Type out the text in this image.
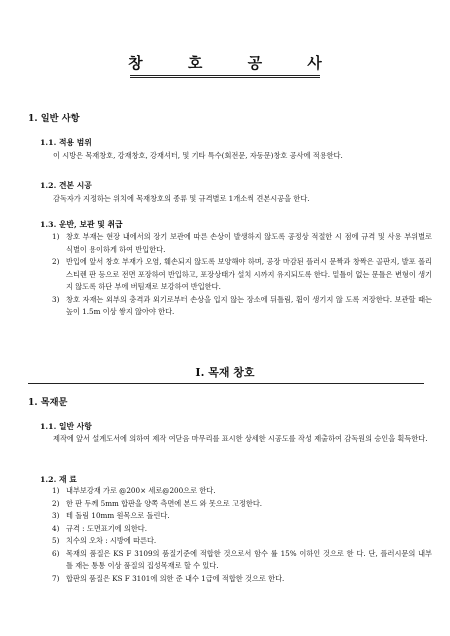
창 호 공 사
1. 일반 사항
1.1. 적용 범위
이 시방은 목재창호, 강재창호, 강재셔터, 및 기타 특수(회전문, 자동문)창호 공사에 적용한다.
1.2. 견본 시공
감독자가 지정하는 위치에 목재창호의 종류 및 규격별로 1개소씩 견본시공을 한다.
1.3. 운반, 보관 및 취급
1) 창호 부재는 현장 내에서의 장기 보관에 따른 손상이 발생하지 않도록 공정상 적절한 시 점에 규격 및 사용 부위별로 식별이 용이하게 하여 반입한다.
2) 반입에 앞서 창호 부재가 오염, 훼손되지 않도록 보양해야 하며, 공장 마감된 플러시 문짝과 창짝은 골판지, 발포 폴리스티렌 판 등으로 전면 포장하여 반입하고, 포장상태가 설치 시까지 유지되도록 한다. 밑틀이 없는 문틀은 변형이 생기지 않도록 하단 부에 버팀재로 보강하여 반입한다.
3) 창호 자재는 외부의 충격과 외기로부터 손상을 입지 않는 장소에 뒤틀림, 휨이 생기지 않 도록 저장한다. 보관할 때는 높이 1.5m 이상 쌓지 않아야 한다.
I. 목재 창호
1. 목재문
1.1. 일반 사항
제작에 앞서 설계도서에 의하여 제작 여닫음 마무리를 표시한 상세한 시공도를 작성 제출하여 감독원의 승인을 획득한다.
1.2. 재 료
1) 내부보강재 가로 @200× 세로@200으로 한다.
2) 한 판 두께 5mm 합판을 양쪽 측면에 본드 와 못으로 고정한다.
3) 테 돌림 10mm 원목으로 돌린다.
4) 규격 : 도면표기에 의한다.
5) 치수의 오차 : 시방에 따른다.
6) 목재의 품질은 KS F 3109의 품질기준에 적합한 것으로서 함수 률 15% 이하인 것으로 한 다. 단, 플러시문의 내부 틀 재는 통통 이상 품질의 집성목재로 할 수 있다.
7) 합판의 품질은 KS F 3101에 의한 준 내수 1급에 적합한 것으로 한다.
